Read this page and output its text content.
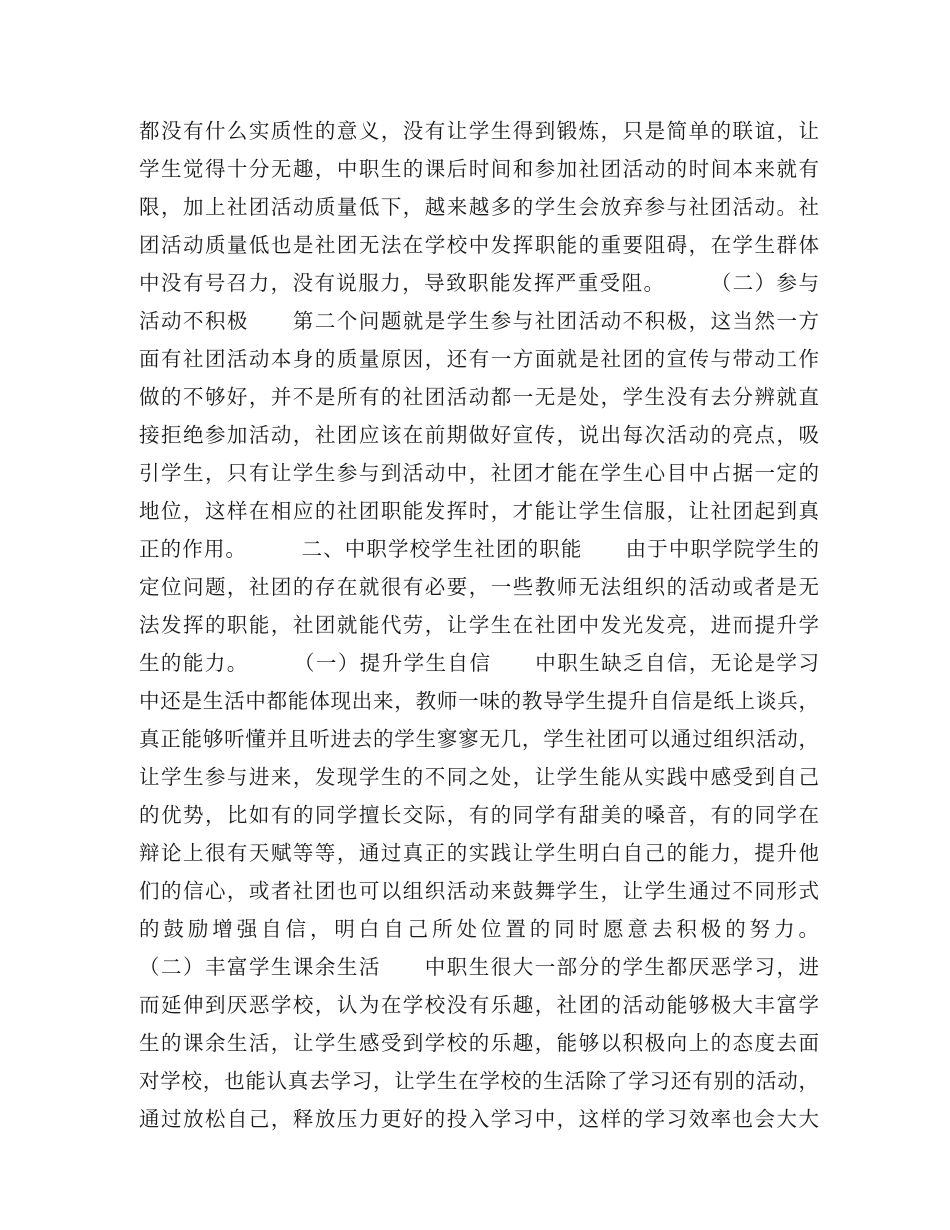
都没有什么实质性的意义，没有让学生得到锻炼，只是简单的联谊，让
学生觉得十分无趣，中职生的课后时间和参加社团活动的时间本来就有
限，加上社团活动质量低下，越来越多的学生会放弃参与社团活动。社
团活动质量低也是社团无法在学校中发挥职能的重要阻碍，在学生群体
中没有号召力，没有说服力，导致职能发挥严重受阻。　　　（二）参与
活动不积极　　第二个问题就是学生参与社团活动不积极，这当然一方
面有社团活动本身的质量原因，还有一方面就是社团的宣传与带动工作
做的不够好，并不是所有的社团活动都一无是处，学生没有去分辨就直
接拒绝参加活动，社团应该在前期做好宣传，说出每次活动的亮点，吸
引学生，只有让学生参与到活动中，社团才能在学生心目中占据一定的
地位，这样在相应的社团职能发挥时，才能让学生信服，让社团起到真
正的作用。　　　二、中职学校学生社团的职能　　由于中职学院学生的
定位问题，社团的存在就很有必要，一些教师无法组织的活动或者是无
法发挥的职能，社团就能代劳，让学生在社团中发光发亮，进而提升学
生的能力。　　　（一）提升学生自信　　中职生缺乏自信，无论是学习
中还是生活中都能体现出来，教师一味的教导学生提升自信是纸上谈兵，
真正能够听懂并且听进去的学生寥寥无几，学生社团可以通过组织活动，
让学生参与进来，发现学生的不同之处，让学生能从实践中感受到自己
的优势，比如有的同学擅长交际，有的同学有甜美的嗓音，有的同学在
辩论上很有天赋等等，通过真正的实践让学生明白自己的能力，提升他
们的信心，或者社团也可以组织活动来鼓舞学生，让学生通过不同形式
的鼓励增强自信，明白自己所处位置的同时愿意去积极的努力。
（二）丰富学生课余生活　　中职生很大一部分的学生都厌恶学习，进
而延伸到厌恶学校，认为在学校没有乐趣，社团的活动能够极大丰富学
生的课余生活，让学生感受到学校的乐趣，能够以积极向上的态度去面
对学校，也能认真去学习，让学生在学校的生活除了学习还有别的活动，
通过放松自己，释放压力更好的投入学习中，这样的学习效率也会大大
